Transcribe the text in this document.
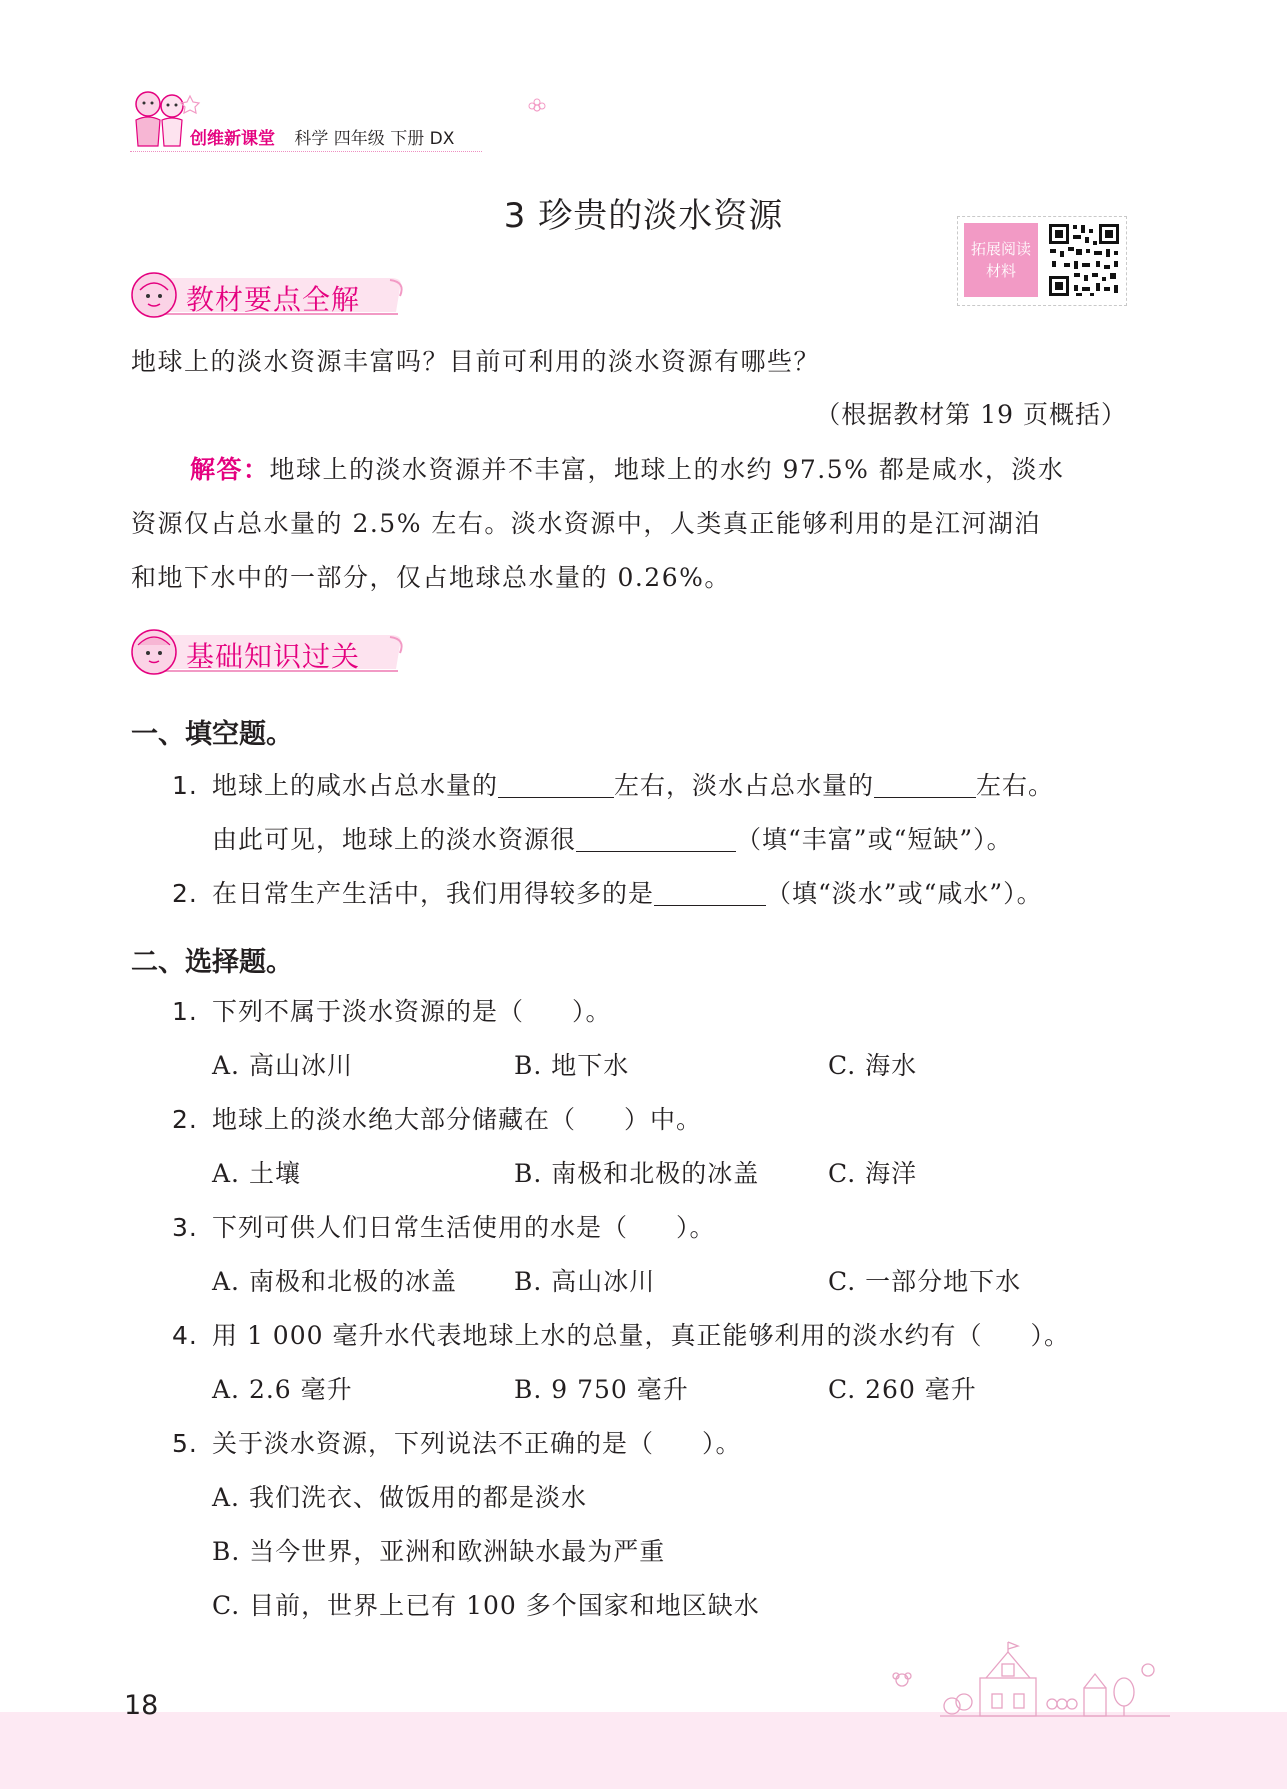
创维新课堂 科学 四年级 下册 DX
3 珍贵的淡水资源
拓展阅读
材料
教材要点全解
地球上的淡水资源丰富吗？目前可利用的淡水资源有哪些？
（根据教材第 19 页概括）
解答：地球上的淡水资源并不丰富，地球上的水约 97.5% 都是咸水，淡水
资源仅占总水量的 2.5% 左右。淡水资源中，人类真正能够利用的是江河湖泊
和地下水中的一部分，仅占地球总水量的 0.26%。
基础知识过关
一、填空题。
1. 地球上的咸水占总水量的	左右，淡水占总水量的	左右。
由此可见，地球上的淡水资源很	（填“丰富”或“短缺”）。
2. 在日常生产生活中，我们用得较多的是	（填“淡水”或“咸水”）。
二、选择题。
1. 下列不属于淡水资源的是（ ）。
A. 高山冰川	B. 地下水	C. 海水
2. 地球上的淡水绝大部分储藏在（ ）中。
A. 土壤	B. 南极和北极的冰盖	C. 海洋
3. 下列可供人们日常生活使用的水是（ ）。
A. 南极和北极的冰盖 B. 高山冰川	C. 一部分地下水
4. 用 1 000 毫升水代表地球上水的总量，真正能够利用的淡水约有（ ）。
A. 2.6 毫升	B. 9 750 毫升	C. 260 毫升
5. 关于淡水资源，下列说法不正确的是（ ）。
A. 我们洗衣、做饭用的都是淡水
B. 当今世界，亚洲和欧洲缺水最为严重
C. 目前，世界上已有 100 多个国家和地区缺水
18
